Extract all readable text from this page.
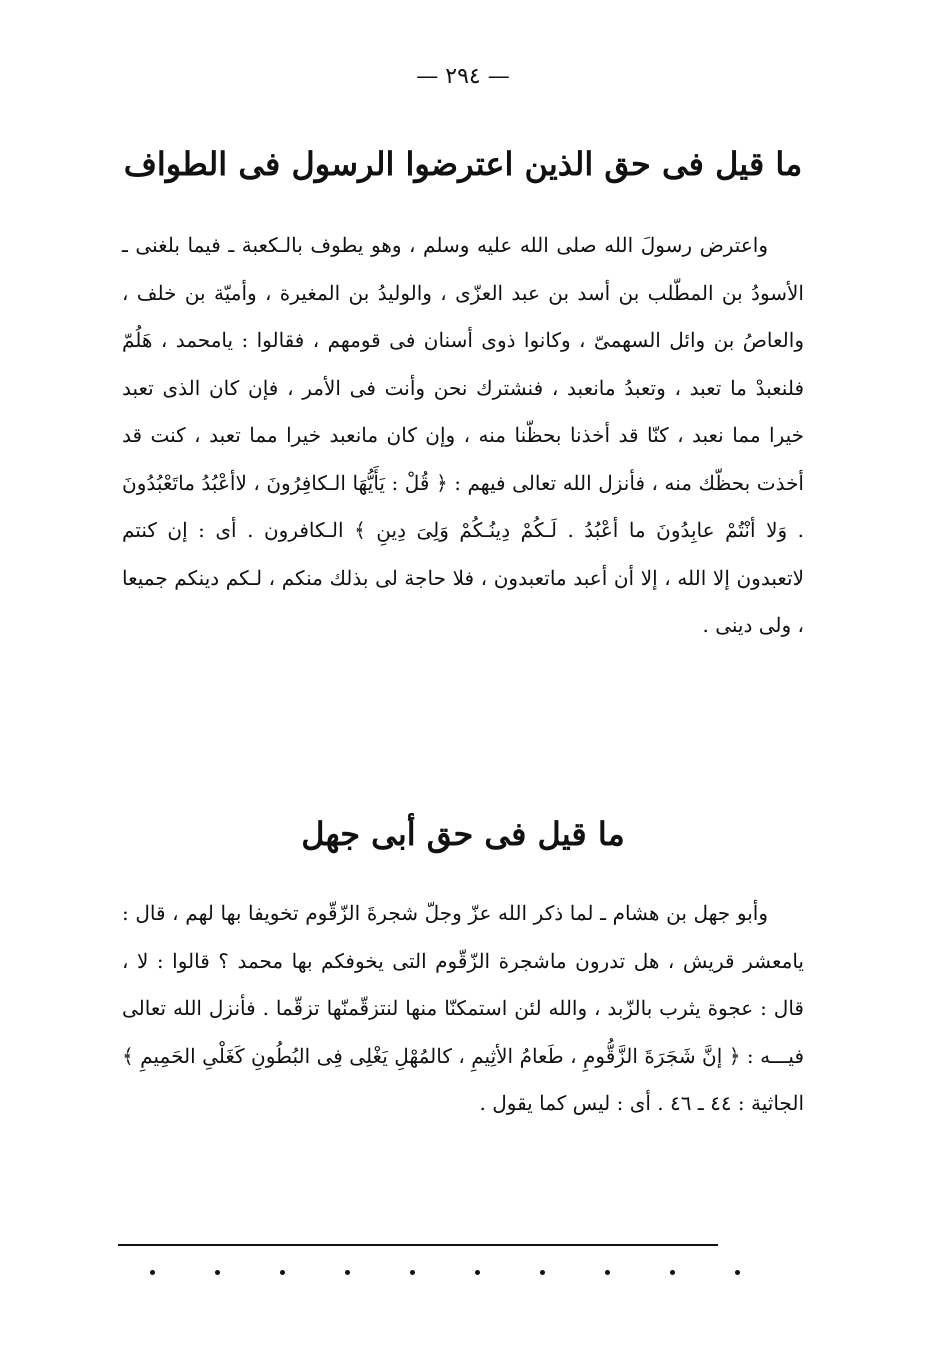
— ٢٩٤ —
ما قيل فى حق الذين اعترضوا الرسول فى الطواف

واعترض رسولَ الله صلى الله عليه وسلم ، وهو يطوف بالـكعبة ـ فيما بلغنى ـ الأسودُ بن المطّلب بن أسد بن عبد العزّى ، والوليدُ بن المغيرة ، وأميّة بن خلف ، والعاصُ بن وائل السهمىّ ، وكانوا ذوى أسنان فى قومهم ، فقالوا : يامحمد ، هَلُمّ فلنعبدْ ما تعبد ، وتعبدُ مانعبد ، فنشترك نحن وأنت فى الأمر ، فإن كان الذى تعبد خيرا مما نعبد ، كنّا قد أخذنا بحظّنا منه ، وإن كان مانعبد خيرا مما تعبد ، كنت قد أخذت بحظّك منه ، فأنزل الله تعالى فيهم : ﴿ قُلْ : يَأَيُّهَا الـكافِرُونَ ، لاأعْبُدُ ماتَعْبُدُونَ . وَلا أنْتُمْ عابِدُونَ ما أعْبُدُ . لَـكُمْ دِينُـكُمْ وَلِىَ دِينِ ﴾ الـكافرون . أى : إن كنتم لاتعبدون إلا الله ، إلا أن أعبد ماتعبدون ، فلا حاجة لى بذلك منكم ، لـكم دينكم جميعا ، ولى دينى .

ما قيل فى حق أبى جهل

وأبو جهل بن هشام ـ لما ذكر الله عزّ وجلّ شجرةَ الزّقّوم تخويفا بها لهم ، قال : يامعشر قريش ، هل تدرون ماشجرة الزّقّوم التى يخوفكم بها محمد ؟ قالوا : لا ، قال : عجوة يثرب بالزّبد ، والله لئن استمكنّا منها لنتزقّمنّها تزقّما . فأنزل الله تعالى فيـــه : ﴿ إنَّ شَجَرَةَ الزَّقُّومِ ، طَعامُ الأثِيمِ ، كالمُهْلِ يَغْلِى فِى البُطُونِ كَغَلْىِ الحَمِيمِ ﴾ الجاثية : ٤٤ ـ ٤٦ . أى : ليس كما يقول .
